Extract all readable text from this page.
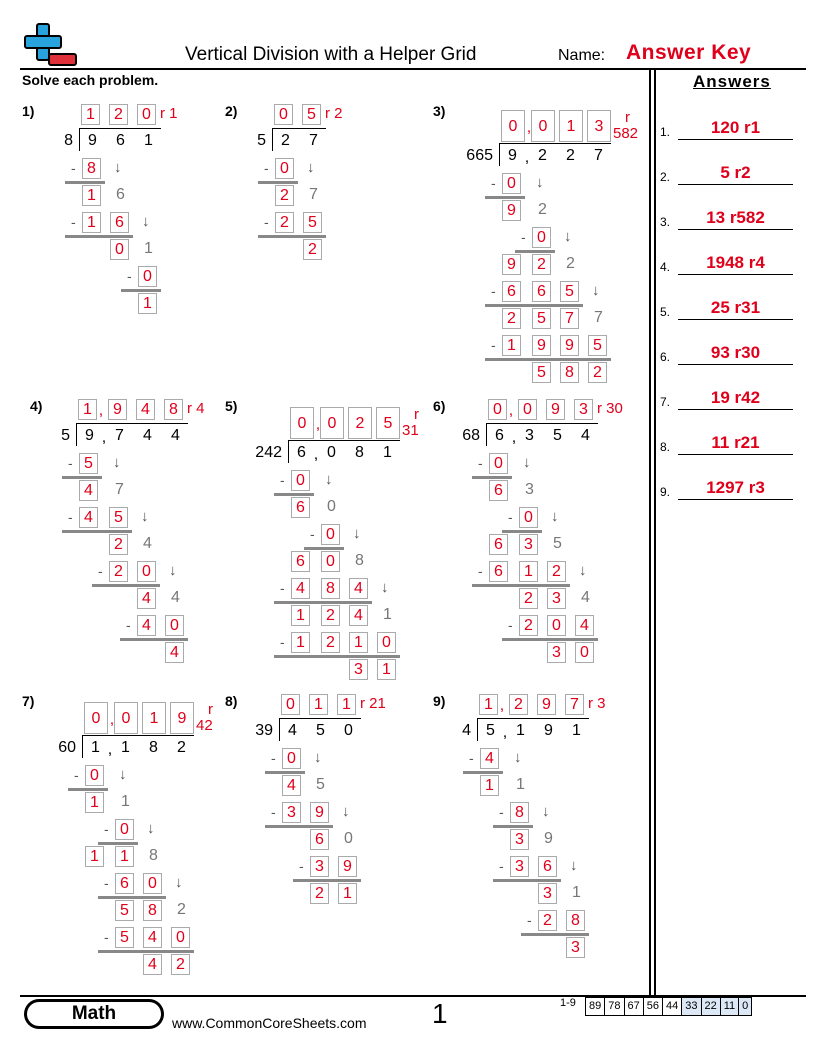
Vertical Division with a Helper Grid	Name: Answer Key
Solve each problem.	Answers
1.	120 r1
2.	5 r2
3.	13 r582
4.	1948 r4
5.	25 r31
6.	93 r30
7.	19 r42
8.	11 r21
9.	1297 r3
1)	1	2	0 r 1
8 9	6	1
8
-	↓
1	6
1	6
-	↓
0	1
0
-
1
2)	0	5 r 2
5 2	7
0
-	↓
2	7
2	5
-
2
3)
0 , 0	1	3
r
582
665 9 , 2	2	7
0
-	↓
9	2
0
-	↓
9	2	2
6	6	5
-	↓
2	5	7	7
1	9	9	5
-
5	8	2
4)	1 , 9	4	8 r 4
5 9 , 7	4	4
5
-	↓
4	7
4	5
-	↓
2	4
2	0
-	↓
4	4
4	0
-
4
5)
0 , 0	2	5
r
31
242 6 , 0	8	1
0
-	↓
6	0
0
-	↓
6	0	8
4	8	4
-	↓
1	2	4	1
1	2	1	0
-
3	1
6)	0 , 0	9	3 r 30
68 6 , 3	5	4
0
-	↓
6	3
0
-	↓
6	3	5
6	1	2
-	↓
2	3	4
2	0	4
-
3	0
7)
0 , 0	1	9
r
42
60 1 , 1	8	2
0
-	↓
1	1
0
-	↓
1	1	8
6	0
-	↓
5	8	2
5	4	0
-
4	2
8)	0	1	1 r 21
39 4	5	0
0
-	↓
4	5
3	9
-	↓
6	0
3	9
-
2	1
9)	1 , 2	9	7 r 3
4 5 , 1	9	1
4
-	↓
1	1
8
-	↓
3	9
3	6
-	↓
3	1
2	8
-
3
Math	www.CommonCoreSheets.com 1	1-9	89 78 67 56 44 33 22 11 0
